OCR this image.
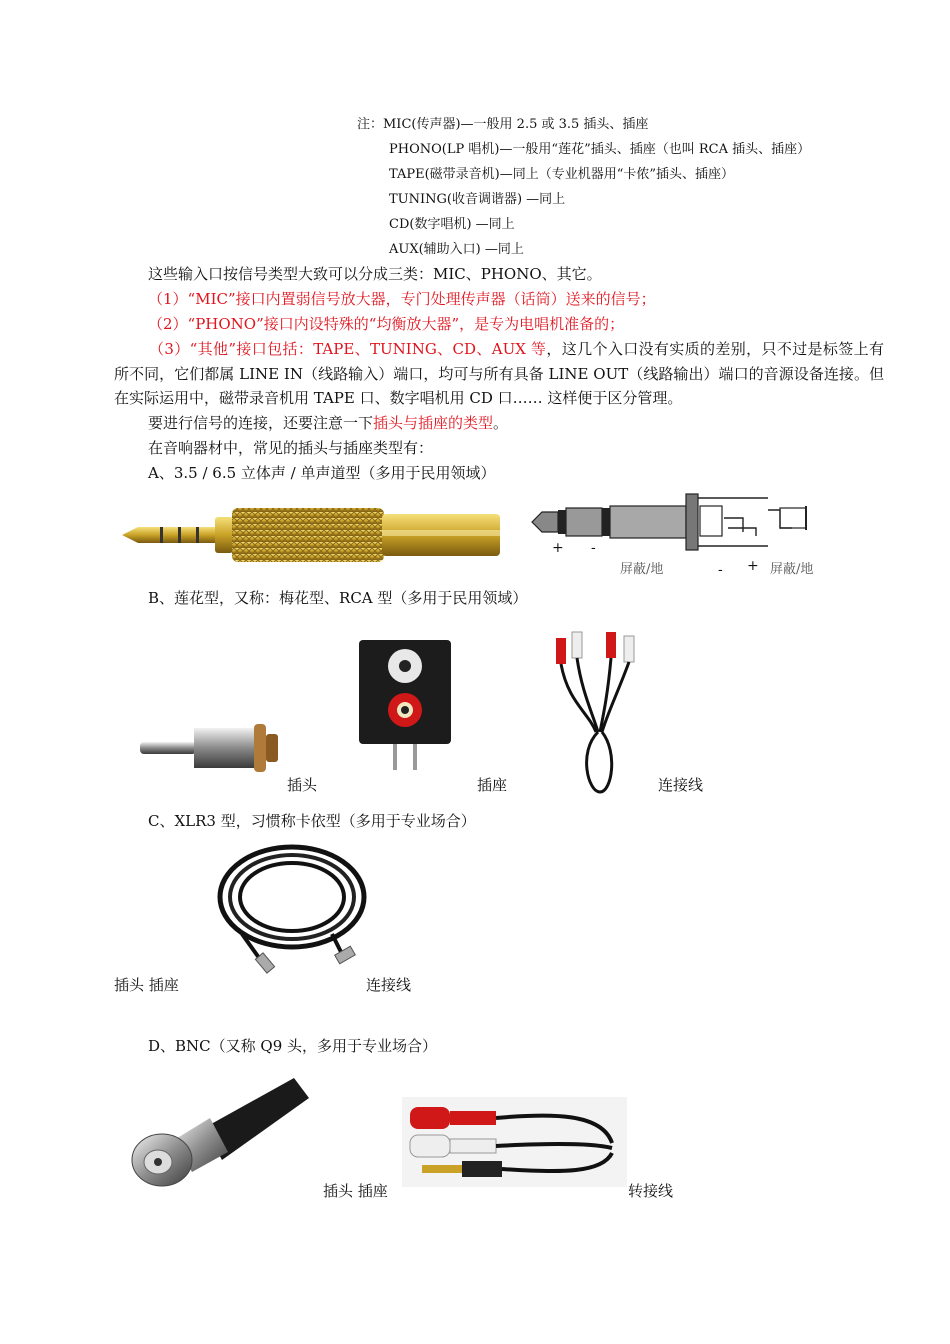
注：MIC(传声器)—一般用 2.5 或 3.5 插头、插座
PHONO(LP 唱机)—一般用“莲花”插头、插座（也叫 RCA 插头、插座）
TAPE(磁带录音机)—同上（专业机器用“卡侬”插头、插座）
TUNING(收音调谐器) —同上
CD(数字唱机) —同上
AUX(辅助入口) —同上
这些输入口按信号类型大致可以分成三类：MIC、PHONO、其它。
（1）“MIC”接口内置弱信号放大器，专门处理传声器（话筒）送来的信号；
（2）“PHONO”接口内设特殊的“均衡放大器”，是专为电唱机准备的；
（3）“其他”接口包括：TAPE、TUNING、CD、AUX 等，这几个入口没有实质的差别，只不过是标签上有所不同，它们都属 LINE IN（线路输入）端口，均可与所有具备 LINE OUT（线路输出）端口的音源设备连接。但在实际运用中，磁带录音机用 TAPE 口、数字唱机用 CD 口…… 这样便于区分管理。
要进行信号的连接，还要注意一下插头与插座的类型。
在音响器材中，常见的插头与插座类型有：
A、3.5 / 6.5 立体声 / 单声道型（多用于民用领域）
+ -
屏蔽/地	- + 屏蔽/地
B、莲花型，又称：梅花型、RCA 型（多用于民用领域）
插头	插座	连接线
C、XLR3 型，习惯称卡依型（多用于专业场合）
插头 插座	连接线
D、BNC（又称 Q9 头，多用于专业场合）
插头 插座	转接线
